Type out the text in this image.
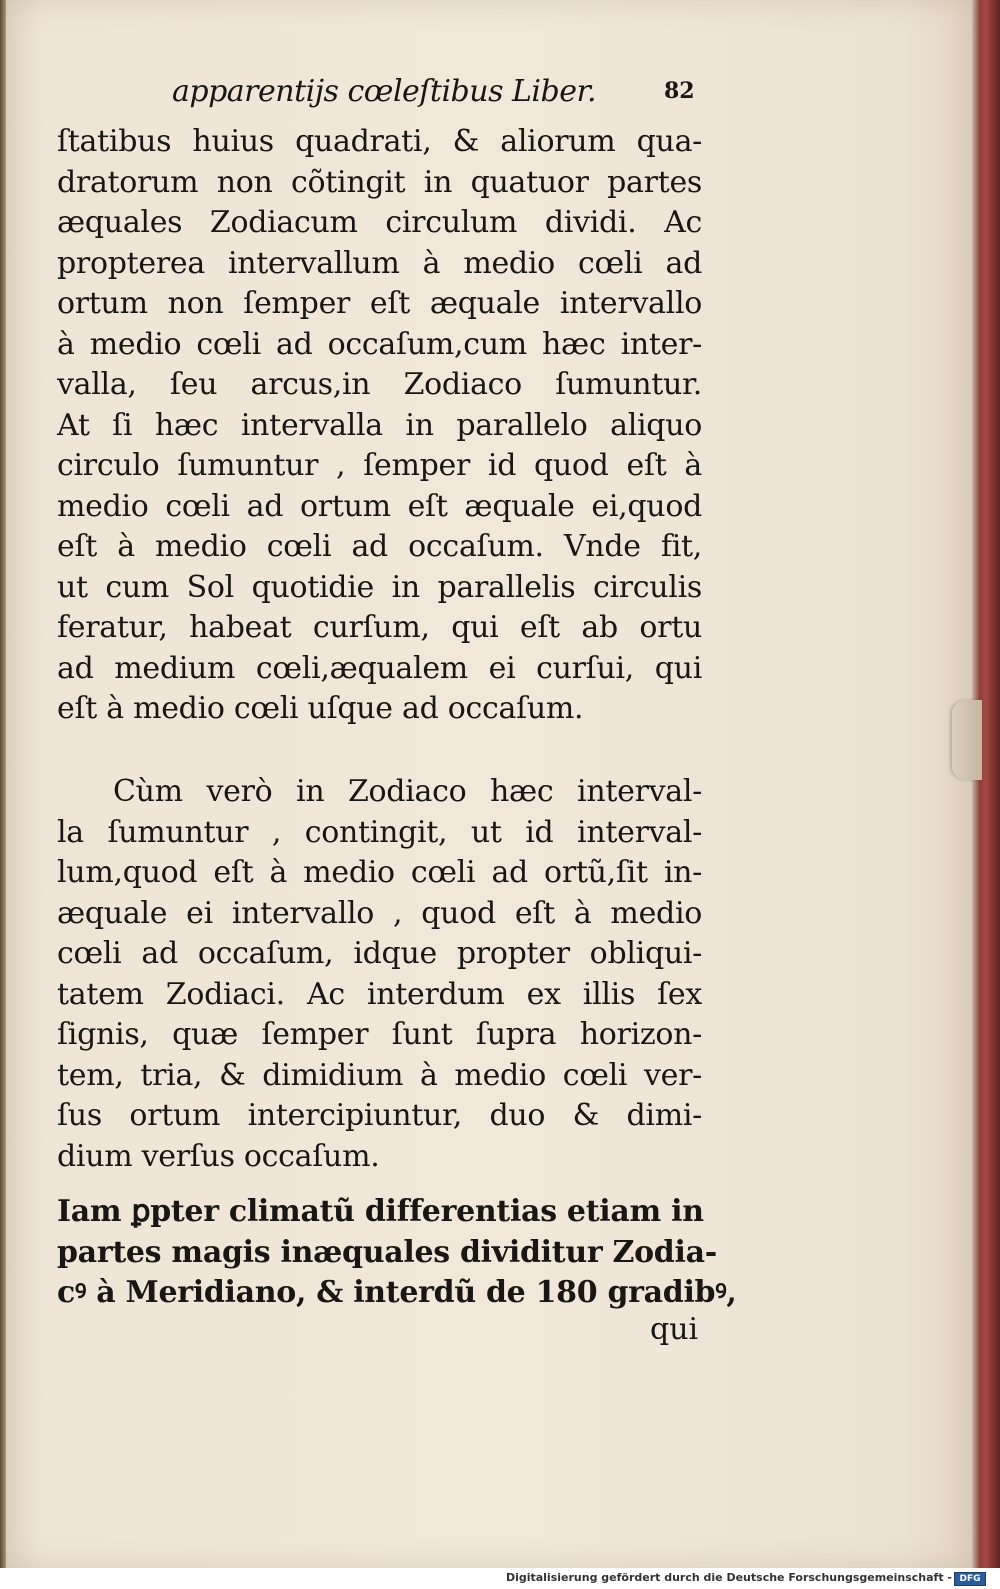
apparentijs cœleſtibus Liber.	82
ſtatibus huius quadrati, & aliorum qua-
dratorum non cõtingit in quatuor partes
æquales Zodiacum circulum dividi. Ac
propterea intervallum à medio cœli ad
ortum non ſemper eſt æquale intervallo
à medio cœli ad occaſum,cum hæc inter-
valla, ſeu arcus,in Zodiaco ſumuntur.
At ſi hæc intervalla in parallelo aliquo
circulo ſumuntur , ſemper id quod eſt à
medio cœli ad ortum eſt æquale ei,quod
eſt à medio cœli ad occaſum. Vnde fit,
ut cum Sol quotidie in parallelis circulis
feratur, habeat curſum, qui eſt ab ortu
ad medium cœli,æqualem ei curſui, qui
eſt à medio cœli uſque ad occaſum.
Cùm verò in Zodiaco hæc interval-
la ſumuntur , contingit, ut id interval-
lum,quod eſt à medio cœli ad ortũ,ſit in-
æquale ei intervallo , quod eſt à medio
cœli ad occaſum, idque propter obliqui-
tatem Zodiaci. Ac interdum ex illis ſex
ſignis, quæ ſemper ſunt ſupra horizon-
tem, tria, & dimidium à medio cœli ver-
ſus ortum intercipiuntur, duo & dimi-
dium verſus occaſum.
Iam ꝑpter climatũ differentias etiam in
partes magis inæquales dividitur Zodia-
cꝰ à Meridiano, & interdũ de 180 gradibꝰ,
qui
Digitalisierung gefördert durch die Deutsche Forschungsgemeinschaft - DFG
